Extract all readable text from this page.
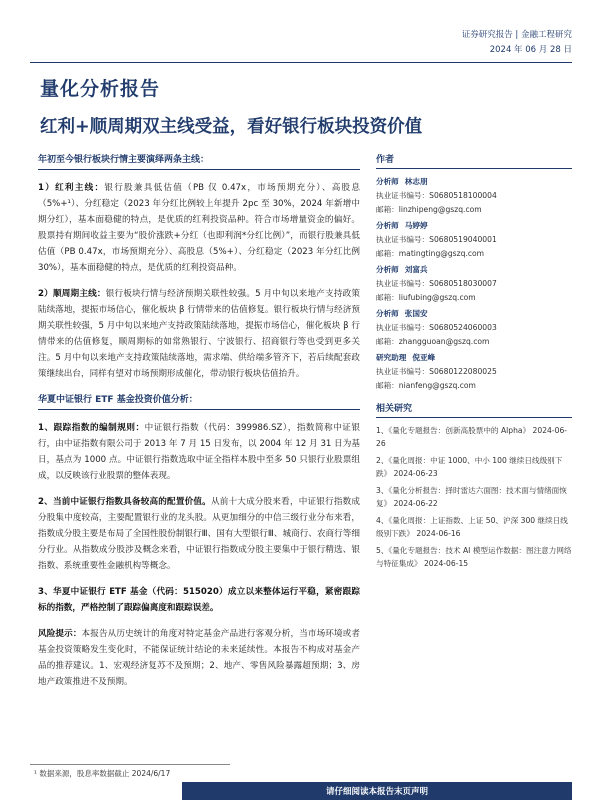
证券研究报告 | 金融工程研究
2024 年 06 月 28 日
量化分析报告
红利+顺周期双主线受益，看好银行板块投资价值
年初至今银行板块行情主要演绎两条主线：

1）红利主线：银行股兼具低估值（PB 仅 0.47x，市场预期充分）、高股息（5%+¹）、分红稳定（2023 年分红比例较上年提升 2pc 至 30%，2024 年新增中期分红），基本面稳健的特点，是优质的红利投资品种。符合市场增量资金的偏好。股票持有期间收益主要为“股价涨跌+分红（也即利润*分红比例）”，而银行股兼具低估值（PB 0.47x，市场预期充分）、高股息（5%+）、分红稳定（2023 年分红比例 30%），基本面稳健的特点，是优质的红利投资品种。

2）顺周期主线：银行板块行情与经济预期关联性较强。5 月中旬以来地产支持政策陆续落地，提振市场信心，催化板块 β 行情带来的估值修复。银行板块行情与经济预期关联性较强，5 月中旬以来地产支持政策陆续落地，提振市场信心，催化板块 β 行情带来的估值修复，顺周期标的如常熟银行、宁波银行、招商银行等也受到更多关注。5 月中旬以来地产支持政策陆续落地，需求端、供给端多管齐下，若后续配套政策继续出台，同样有望对市场预期形成催化，带动银行板块估值抬升。

华夏中证银行 ETF 基金投资价值分析：

1、跟踪指数的编制规则：中证银行指数（代码：399986.SZ），指数简称中证银行，由中证指数有限公司于 2013 年 7 月 15 日发布，以 2004 年 12 月 31 日为基日，基点为 1000 点。中证银行指数选取中证全指样本股中至多 50 只银行业股票组成，以反映该行业股票的整体表现。

2、当前中证银行指数具备较高的配置价值。从前十大成分股来看，中证银行指数成分股集中度较高，主要配置银行业的龙头股。从更加细分的中信三级行业分布来看，指数成分股主要是布局了全国性股份制银行Ⅲ、国有大型银行Ⅲ、城商行、农商行等细分行业。从指数成分股涉及概念来看，中证银行指数成分股主要集中于银行精选、银指数、系统重要性金融机构等概念。

3、华夏中证银行 ETF 基金（代码：515020）成立以来整体运行平稳，紧密跟踪标的指数，严格控制了跟踪偏离度和跟踪误差。

风险提示：本报告从历史统计的角度对特定基金产品进行客观分析，当市场环境或者基金投资策略发生变化时，不能保证统计结论的未来延续性。本报告不构成对基金产品的推荐建议。1、宏观经济复苏不及预期；2、地产、零售风险暴露超预期；3、房地产政策推进不及预期。

作者
分析师 林志朋
执业证书编号：S0680518100004
邮箱：linzhipeng@gszq.com
分析师 马婷婷
执业证书编号：S0680519040001
邮箱：matingting@gszq.com
分析师 刘富兵
执业证书编号：S0680518030007
邮箱：liufubing@gszq.com
分析师 张国安
执业证书编号：S0680524060003
邮箱：zhangguoan@gszq.com
研究助理 倪亚峰
执业证书编号：S0680122080025
邮箱：nianfeng@gszq.com
相关研究
1、《量化专题报告：创新高股票中的 Alpha》 2024-06-26
2、《量化周报：中证 1000、中小 100 继续日线级别下跌》 2024-06-23
3、《量化分析报告：择时雷达六面图：技术面与情绪面恢复》 2024-06-22
4、《量化周报：上证指数、上证 50、沪深 300 继续日线级别下跌》 2024-06-16
5、《量化专题报告：技术 AI 模型运作数据：图注意力网络与特征集成》 2024-06-15
¹ 数据来源，股息率数据截止 2024/6/17
请仔细阅读本报告末页声明
